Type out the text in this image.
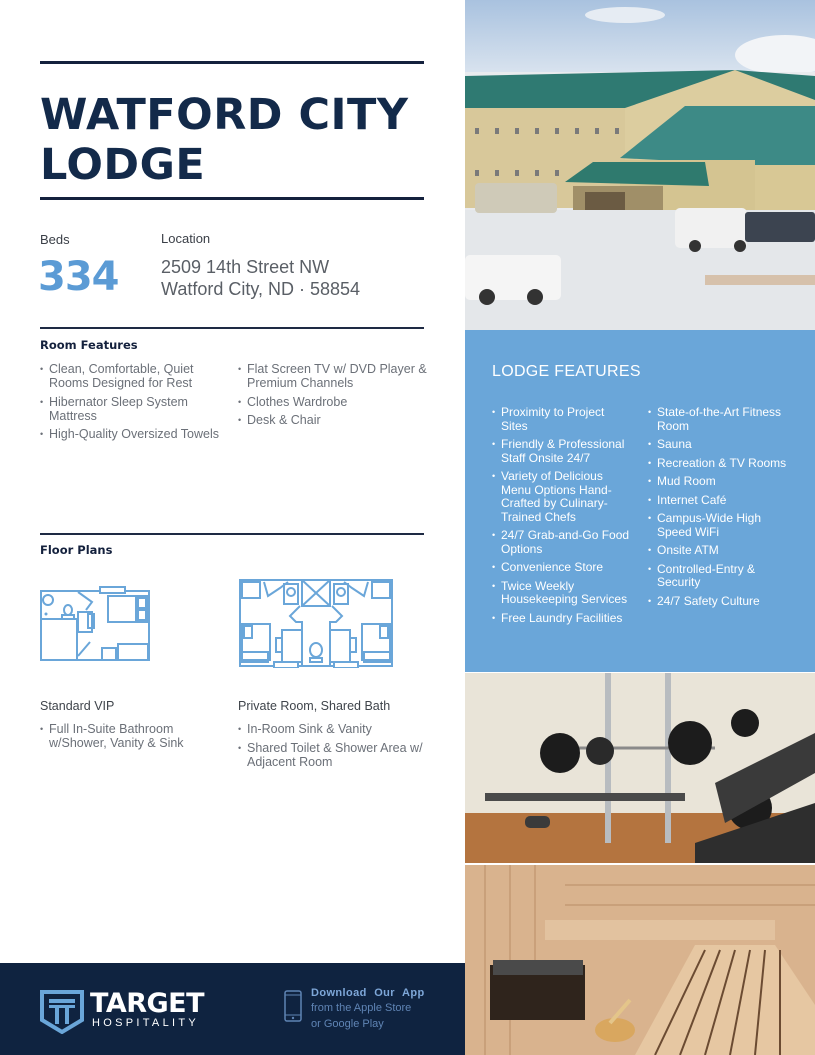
WATFORD CITY
LODGE
Beds
334
Location
2509 14th Street NW
Watford City, ND · 58854
Room Features
• Clean, Comfortable, Quiet Rooms Designed for Rest
• Hibernator Sleep System Mattress
• High-Quality Oversized Towels
• Flat Screen TV w/ DVD Player & Premium Channels
• Clothes Wardrobe
• Desk & Chair
Floor Plans
Standard VIP
• Full In-Suite Bathroom w/Shower, Vanity & Sink
Private Room, Shared Bath
• In-Room Sink & Vanity
• Shared Toilet & Shower Area w/ Adjacent Room
TARGET
HOSPITALITY
Download Our App
from the Apple Store
or Google Play
LODGE FEATURES
• Proximity to Project Sites
• Friendly & Professional Staff Onsite 24/7
• Variety of Delicious Menu Options Hand-Crafted by Culinary-Trained Chefs
• 24/7 Grab-and-Go Food Options
• Convenience Store
• Twice Weekly Housekeeping Services
• Free Laundry Facilities
• State-of-the-Art Fitness Room
• Sauna
• Recreation & TV Rooms
• Mud Room
• Internet Café
• Campus-Wide High Speed WiFi
• Onsite ATM
• Controlled-Entry & Security
• 24/7 Safety Culture
